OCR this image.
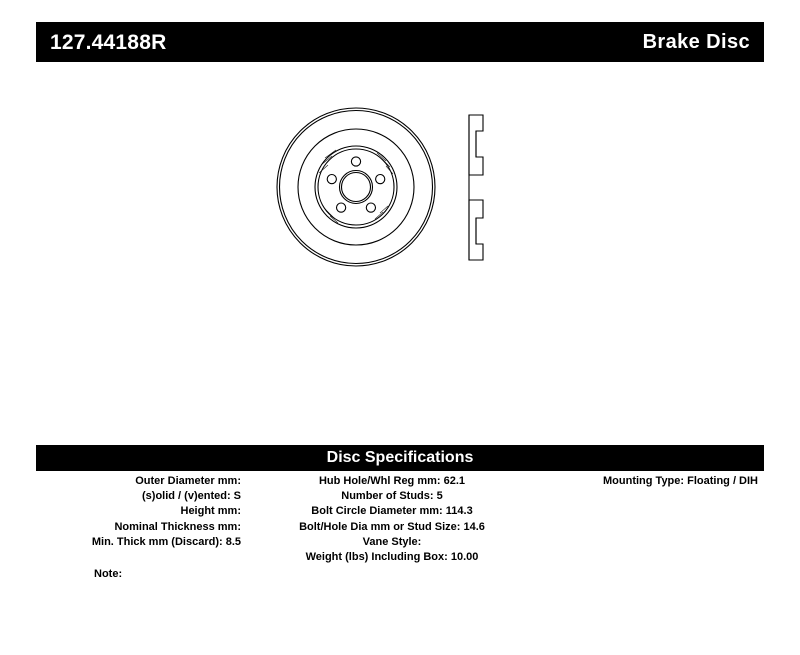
127.44188R	Brake Disc
Disc Specifications
Outer Diameter mm:
(s)olid / (v)ented: S
Height mm:
Nominal Thickness mm:
Min. Thick mm (Discard): 8.5
Hub Hole/Whl Reg mm: 62.1
Number of Studs: 5
Bolt Circle Diameter mm: 114.3
Bolt/Hole Dia mm or Stud Size: 14.6
Vane Style:
Weight (lbs) Including Box: 10.00
Mounting Type: Floating / DIH
Note:
